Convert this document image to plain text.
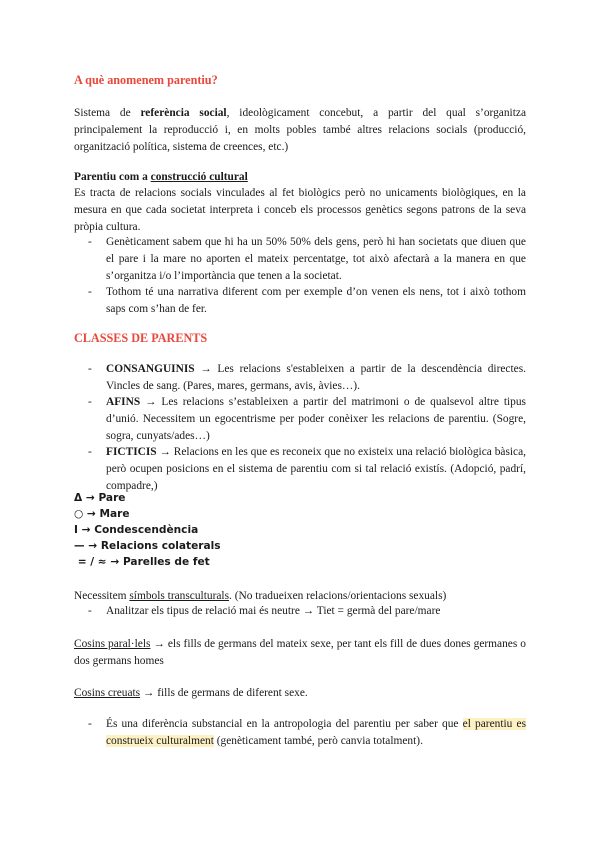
A què anomenem parentiu?
Sistema de referència social, ideològicament concebut, a partir del qual s’organitza principalement la reproducció i, en molts pobles també altres relacions socials (producció, organització política, sistema de creences, etc.)
Parentiu com a construcció cultural
Es tracta de relacions socials vinculades al fet biològics però no unicaments biològiques, en la mesura en que cada societat interpreta i conceb els processos genètics segons patrons de la seva pròpia cultura.
- Genèticament sabem que hi ha un 50% 50% dels gens, però hi han societats que diuen que el pare i la mare no aporten el mateix percentatge, tot això afectarà a la manera en que s’organitza i/o l’importància que tenen a la societat.
- Tothom té una narrativa diferent com per exemple d’on venen els nens, tot i això tothom saps com s’han de fer.
CLASSES DE PARENTS
- CONSANGUINIS → Les relacions s'estableixen a partir de la descendència directes. Vincles de sang. (Pares, mares, germans, avis, àvies…).
- AFINS → Les relacions s’estableixen a partir del matrimoni o de qualsevol altre tipus d’unió. Necessitem un egocentrisme per poder conèixer les relacions de parentiu. (Sogre, sogra, cunyats/ades…)
- FICTICIS → Relacions en les que es reconeix que no existeix una relació biològica bàsica, però ocupen posicions en el sistema de parentiu com si tal relació existís. (Adopció, padrí, compadre,)
Δ → Pare
○ → Mare
I → Condescendència
— → Relacions colaterals
= / ≈ → Parelles de fet
Necessitem símbols transculturals. (No tradueixen relacions/orientacions sexuals)
- Analitzar els tipus de relació mai és neutre → Tiet = germà del pare/mare
Cosins paral·lels → els fills de germans del mateix sexe, per tant els fill de dues dones germanes o dos germans homes
Cosins creuats → fills de germans de diferent sexe.
- És una diferència substancial en la antropologia del parentiu per saber que el parentiu es construeix culturalment (genèticament també, però canvia totalment).
